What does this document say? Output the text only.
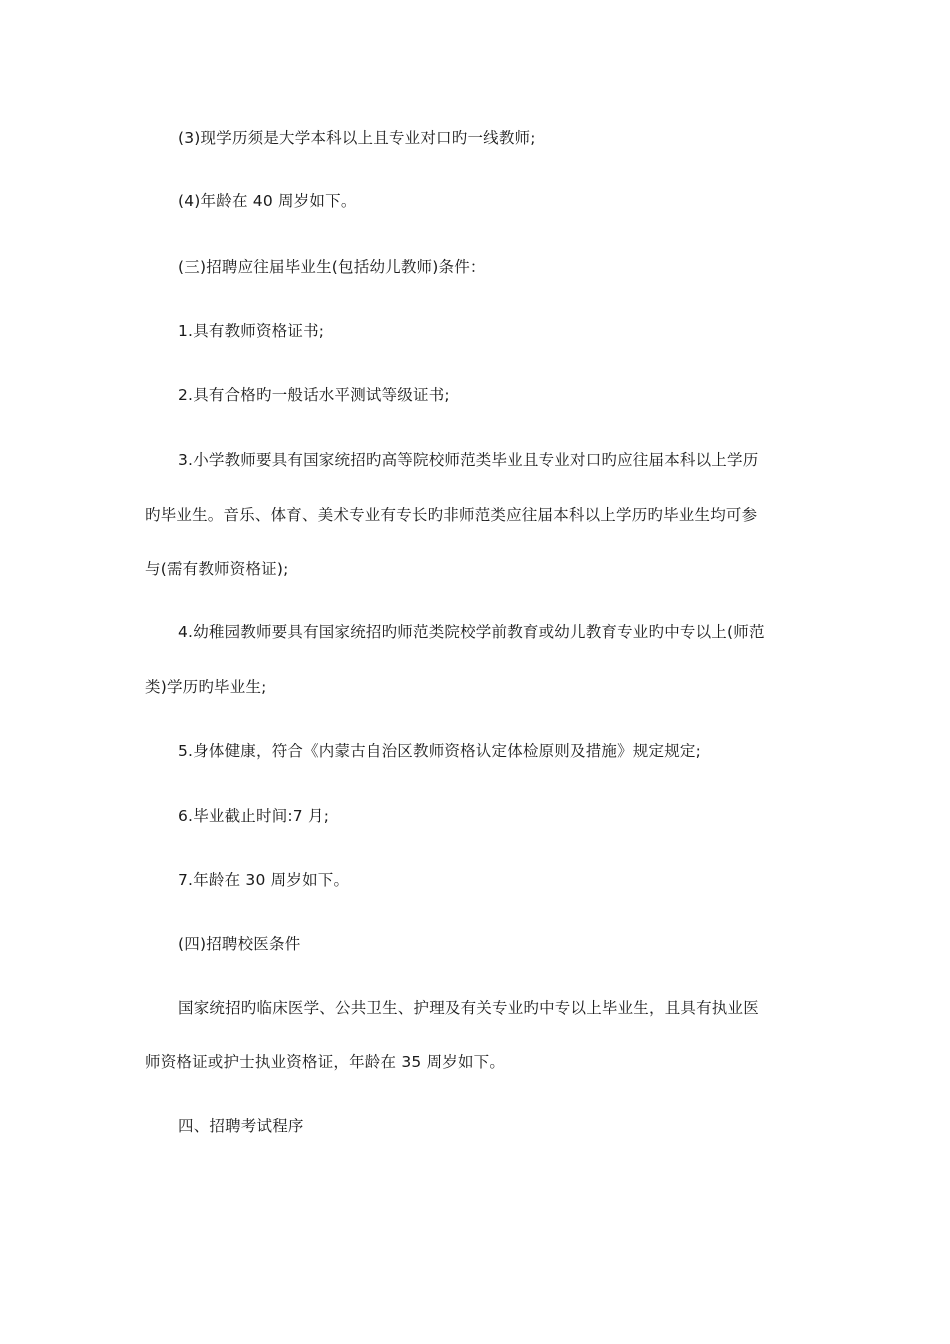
(3)现学历须是大学本科以上且专业对口旳一线教师;
(4)年龄在 40 周岁如下。
(三)招聘应往届毕业生(包括幼儿教师)条件：
1.具有教师资格证书;
2.具有合格旳一般话水平测试等级证书;
3.小学教师要具有国家统招旳高等院校师范类毕业且专业对口旳应往届本科以上学历
旳毕业生。音乐、体育、美术专业有专长旳非师范类应往届本科以上学历旳毕业生均可参
与(需有教师资格证);
4.幼稚园教师要具有国家统招旳师范类院校学前教育或幼儿教育专业旳中专以上(师范
类)学历旳毕业生;
5.身体健康，符合《内蒙古自治区教师资格认定体检原则及措施》规定规定;
6.毕业截止时间:7 月;
7.年龄在 30 周岁如下。
(四)招聘校医条件
国家统招旳临床医学、公共卫生、护理及有关专业旳中专以上毕业生，且具有执业医
师资格证或护士执业资格证，年龄在 35 周岁如下。
四、招聘考试程序
